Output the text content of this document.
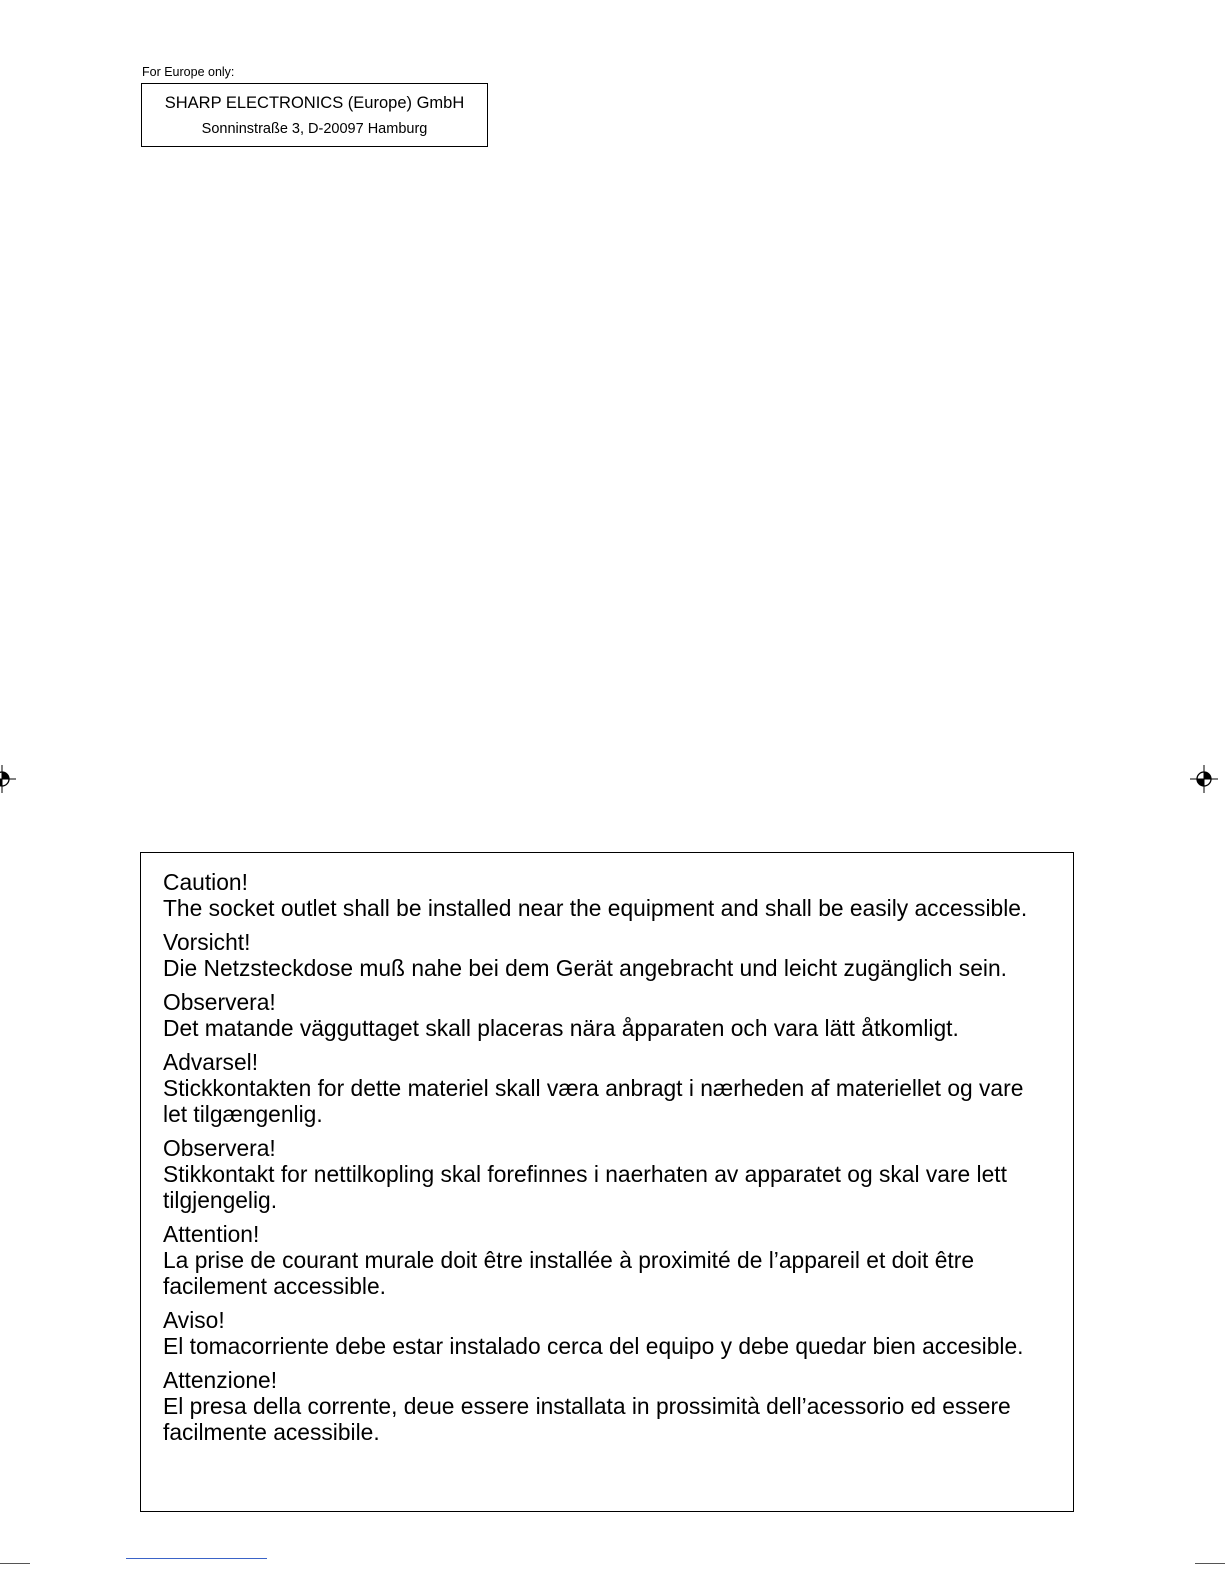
For Europe only:
SHARP ELECTRONICS (Europe) GmbH
Sonninstraße 3, D-20097 Hamburg
Caution!
The socket outlet shall be installed near the equipment and shall be easily accessible.
Vorsicht!
Die Netzsteckdose muß nahe bei dem Gerät angebracht und leicht zugänglich sein.
Observera!
Det matande vägguttaget skall placeras nära åpparaten och vara lätt åtkomligt.
Advarsel!
Stickkontakten for dette materiel skall væra anbragt i nærheden af materiellet og vare let tilgængenlig.
Observera!
Stikkontakt for nettilkopling skal forefinnes i naerhaten av apparatet og skal vare lett tilgjengelig.
Attention!
La prise de courant murale doit être installée à proximité de l’appareil et doit être facilement accessible.
Aviso!
El tomacorriente debe estar instalado cerca del equipo y debe quedar bien accesible.
Attenzione!
El presa della corrente, deue essere installata in prossimità dell’acessorio ed essere facilmente acessibile.
